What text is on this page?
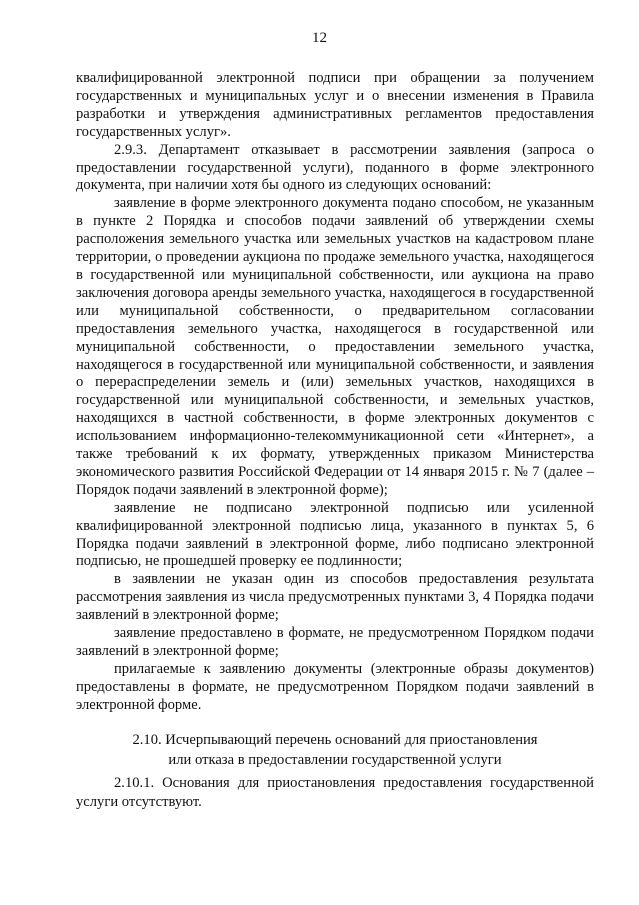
12

квалифицированной электронной подписи при обращении за получением государственных и муниципальных услуг и о внесении изменения в Правила разработки и утверждения административных регламентов предоставления государственных услуг».

2.9.3. Департамент отказывает в рассмотрении заявления (запроса о предоставлении государственной услуги), поданного в форме электронного документа, при наличии хотя бы одного из следующих оснований:

заявление в форме электронного документа подано способом, не указанным в пункте 2 Порядка и способов подачи заявлений об утверждении схемы расположения земельного участка или земельных участков на кадастровом плане территории, о проведении аукциона по продаже земельного участка, находящегося в государственной или муниципальной собственности, или аукциона на право заключения договора аренды земельного участка, находящегося в государственной или муниципальной собственности, о предварительном согласовании предоставления земельного участка, находящегося в государственной или муниципальной собственности, о предоставлении земельного участка, находящегося в государственной или муниципальной собственности, и заявления о перераспределении земель и (или) земельных участков, находящихся в государственной или муниципальной собственности, и земельных участков, находящихся в частной собственности, в форме электронных документов с использованием информационно-телекоммуникационной сети «Интернет», а также требований к их формату, утвержденных приказом Министерства экономического развития Российской Федерации от 14 января 2015 г. № 7 (далее – Порядок подачи заявлений в электронной форме);

заявление не подписано электронной подписью или усиленной квалифицированной электронной подписью лица, указанного в пунктах 5, 6 Порядка подачи заявлений в электронной форме, либо подписано электронной подписью, не прошедшей проверку ее подлинности;

в заявлении не указан один из способов предоставления результата рассмотрения заявления из числа предусмотренных пунктами 3, 4 Порядка подачи заявлений в электронной форме;

заявление предоставлено в формате, не предусмотренном Порядком подачи заявлений в электронной форме;

прилагаемые к заявлению документы (электронные образы документов) предоставлены в формате, не предусмотренном Порядком подачи заявлений в электронной форме.

2.10. Исчерпывающий перечень оснований для приостановления
или отказа в предоставлении государственной услуги

2.10.1. Основания для приостановления предоставления государственной услуги отсутствуют.
